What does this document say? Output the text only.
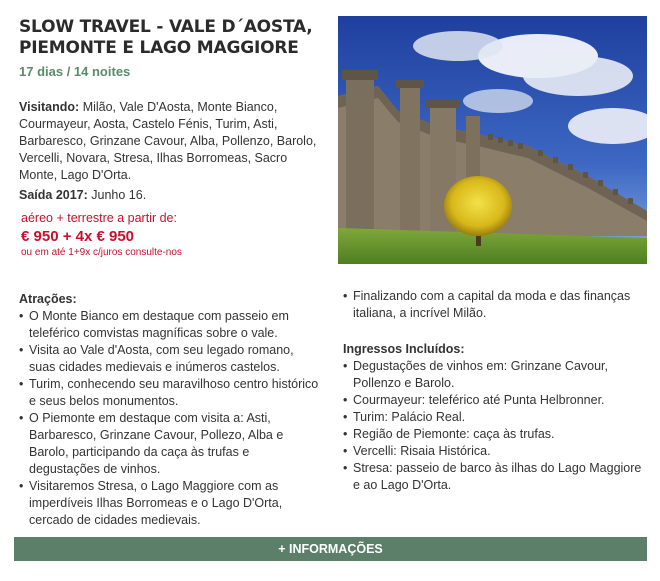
SLOW TRAVEL - VALE D´AOSTA, PIEMONTE E LAGO MAGGIORE
17 dias / 14 noites
Visitando: Milão, Vale D'Aosta, Monte Bianco, Courmayeur, Aosta, Castelo Fénis, Turim, Asti, Barbaresco, Grinzane Cavour, Alba, Pollenzo, Barolo, Vercelli, Novara, Stresa, Ilhas Borromeas, Sacro Monte, Lago D'Orta.
Saída 2017: Junho 16.
aéreo + terrestre a partir de:
€ 950 + 4x € 950
ou em até 1+9x c/juros consulte-nos
Atrações:
• O Monte Bianco em destaque com passeio em teleférico comvistas magníficas sobre o vale.
• Visita ao Vale d'Aosta, com seu legado romano, suas cidades medievais e inúmeros castelos.
• Turim, conhecendo seu maravilhoso centro histórico e seus belos monumentos.
• O Piemonte em destaque com visita a: Asti, Barbaresco, Grinzane Cavour, Pollezo, Alba e Barolo, participando da caça às trufas e degustações de vinhos.
• Visitaremos Stresa, o Lago Maggiore com as imperdíveis Ilhas Borromeas e o Lago D'Orta, cercado de cidades medievais.
• Finalizando com a capital da moda e das finanças italiana, a incrível Milão.
Ingressos Incluídos:
• Degustações de vinhos em: Grinzane Cavour, Pollenzo e Barolo.
• Courmayeur: teleférico até Punta Helbronner.
• Turim: Palácio Real.
• Região de Piemonte: caça às trufas.
• Vercelli: Risaia Histórica.
• Stresa: passeio de barco às ilhas do Lago Maggiore e ao Lago D'Orta.
+ INFORMAÇÕES
